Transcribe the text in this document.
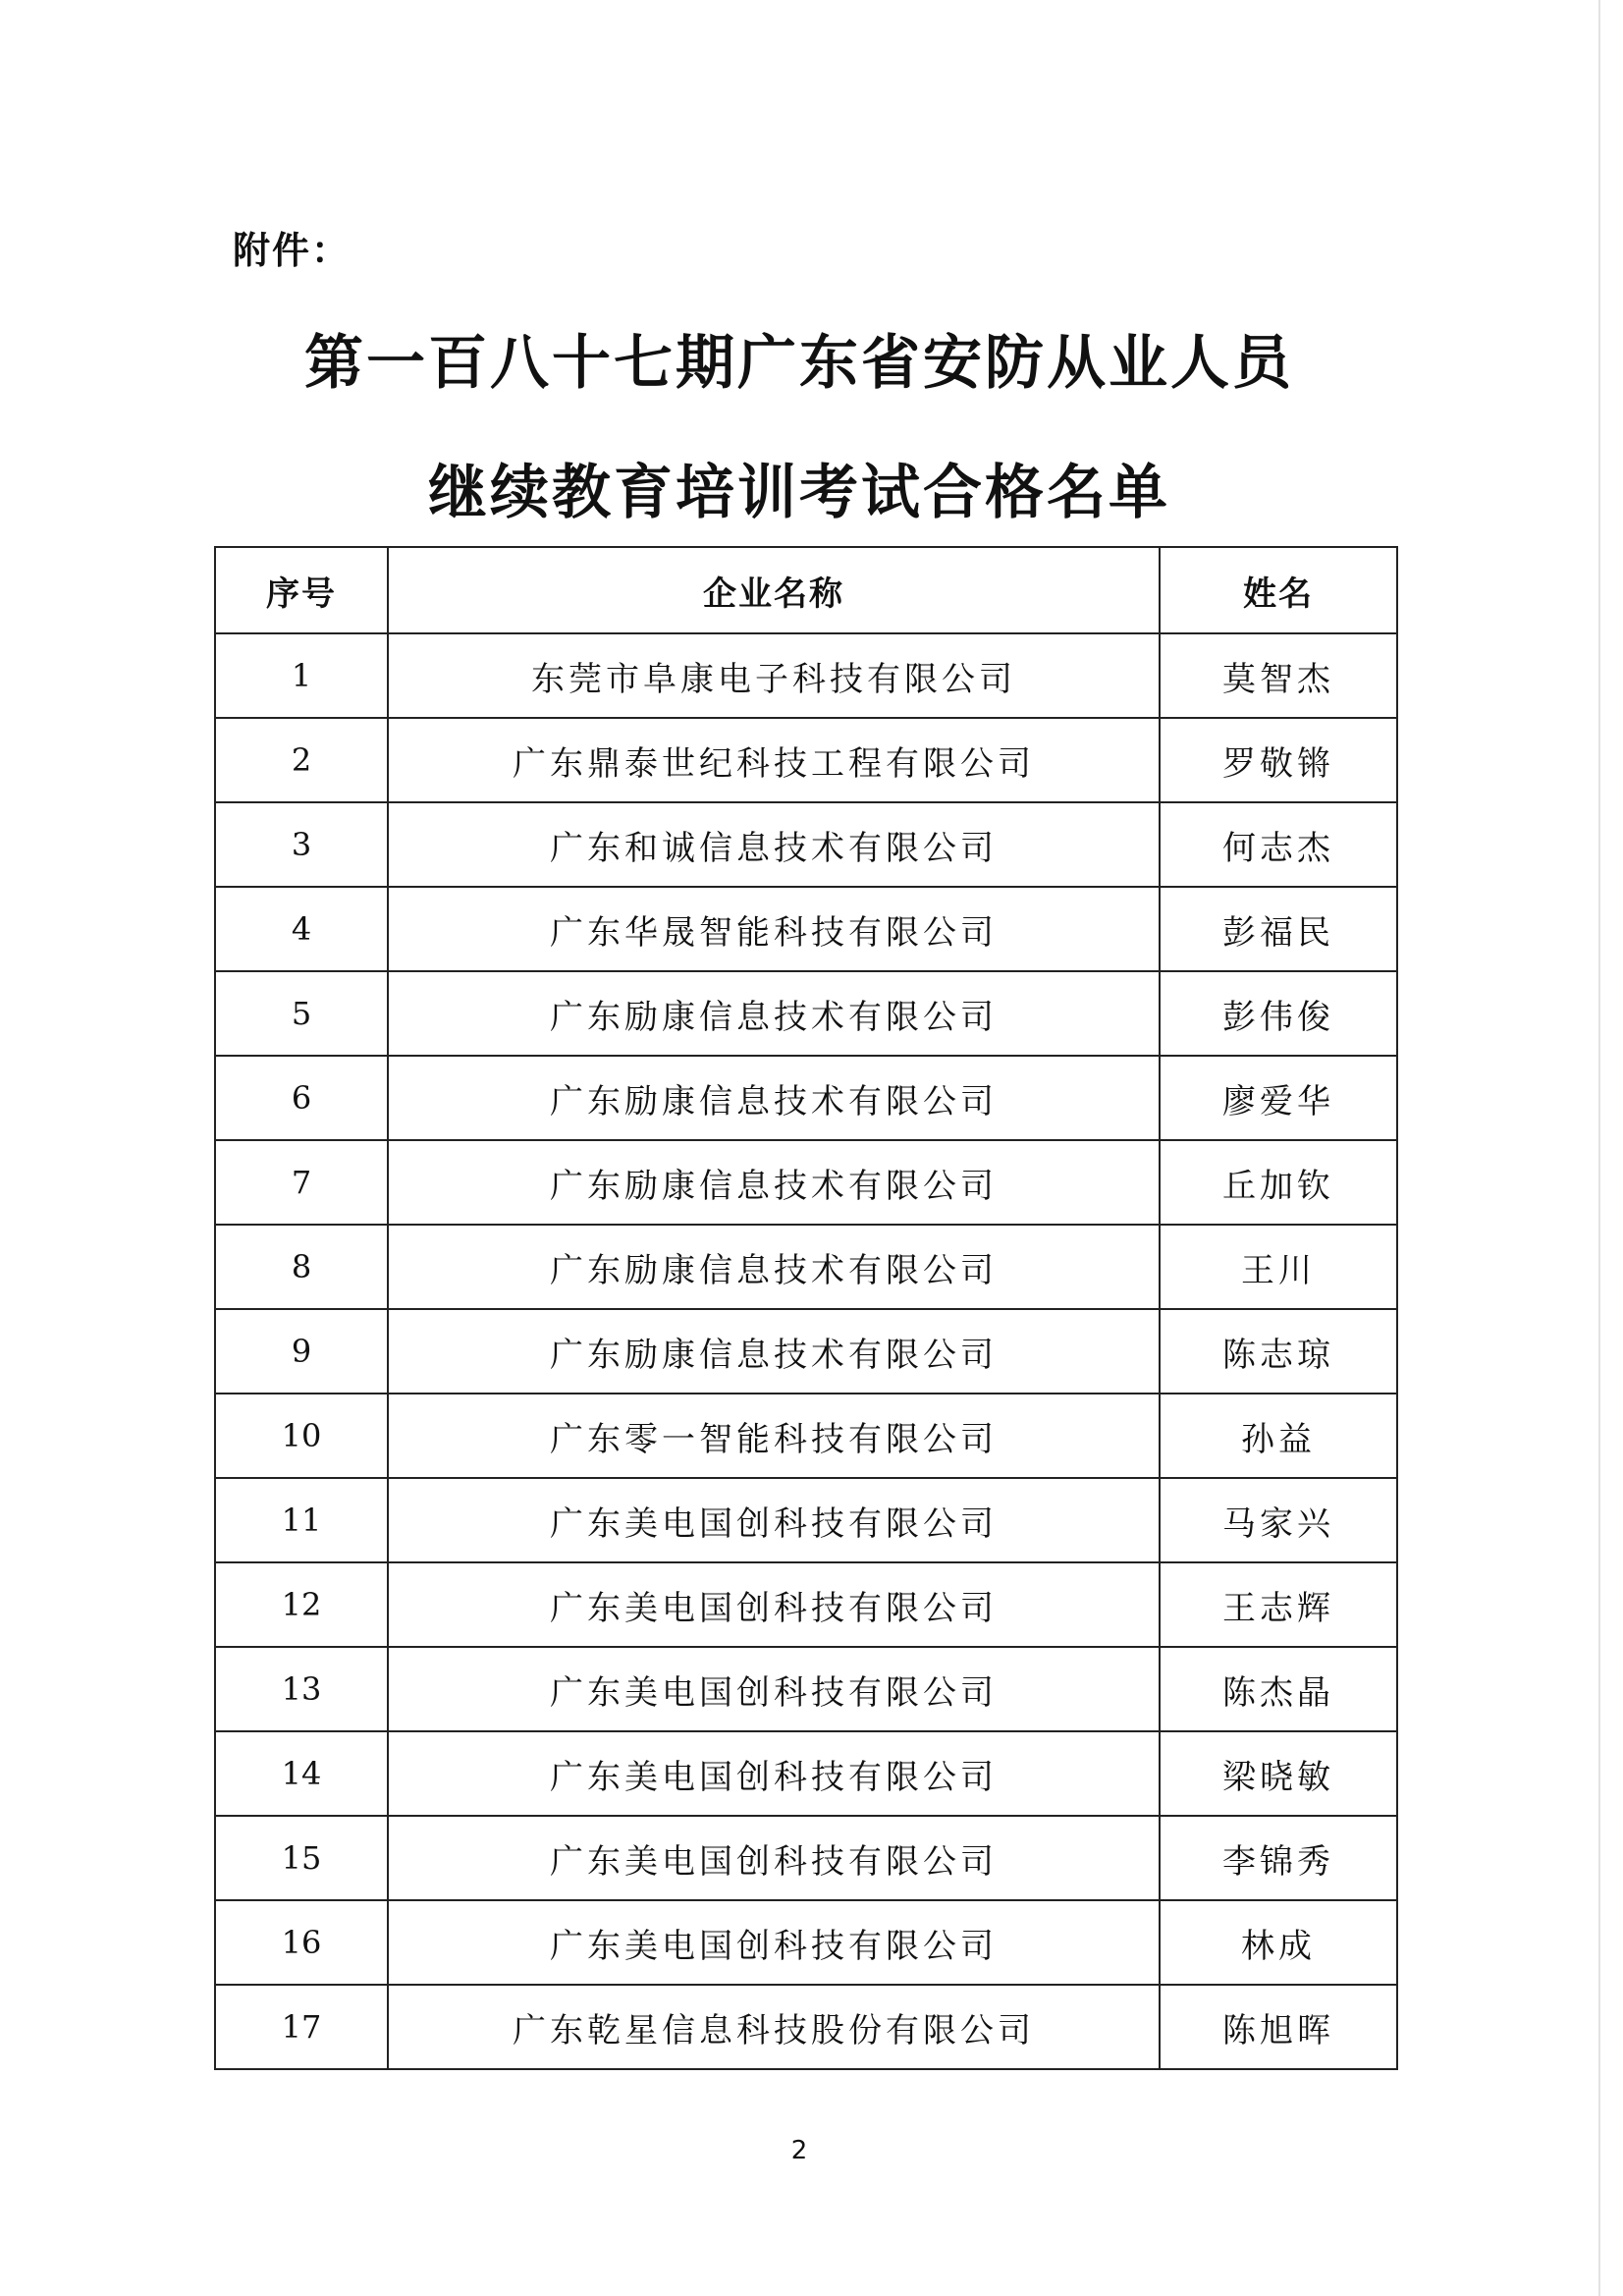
附件：
第一百八十七期广东省安防从业人员
继续教育培训考试合格名单
序号	企业名称	姓名
1	东莞市阜康电子科技有限公司	莫智杰
2	广东鼎泰世纪科技工程有限公司	罗敬锵
3	广东和诚信息技术有限公司	何志杰
4	广东华晟智能科技有限公司	彭福民
5	广东励康信息技术有限公司	彭伟俊
6	广东励康信息技术有限公司	廖爱华
7	广东励康信息技术有限公司	丘加钦
8	广东励康信息技术有限公司	王川
9	广东励康信息技术有限公司	陈志琼
10	广东零一智能科技有限公司	孙益
11	广东美电国创科技有限公司	马家兴
12	广东美电国创科技有限公司	王志辉
13	广东美电国创科技有限公司	陈杰晶
14	广东美电国创科技有限公司	梁晓敏
15	广东美电国创科技有限公司	李锦秀
16	广东美电国创科技有限公司	林成
17	广东乾星信息科技股份有限公司	陈旭晖
2
